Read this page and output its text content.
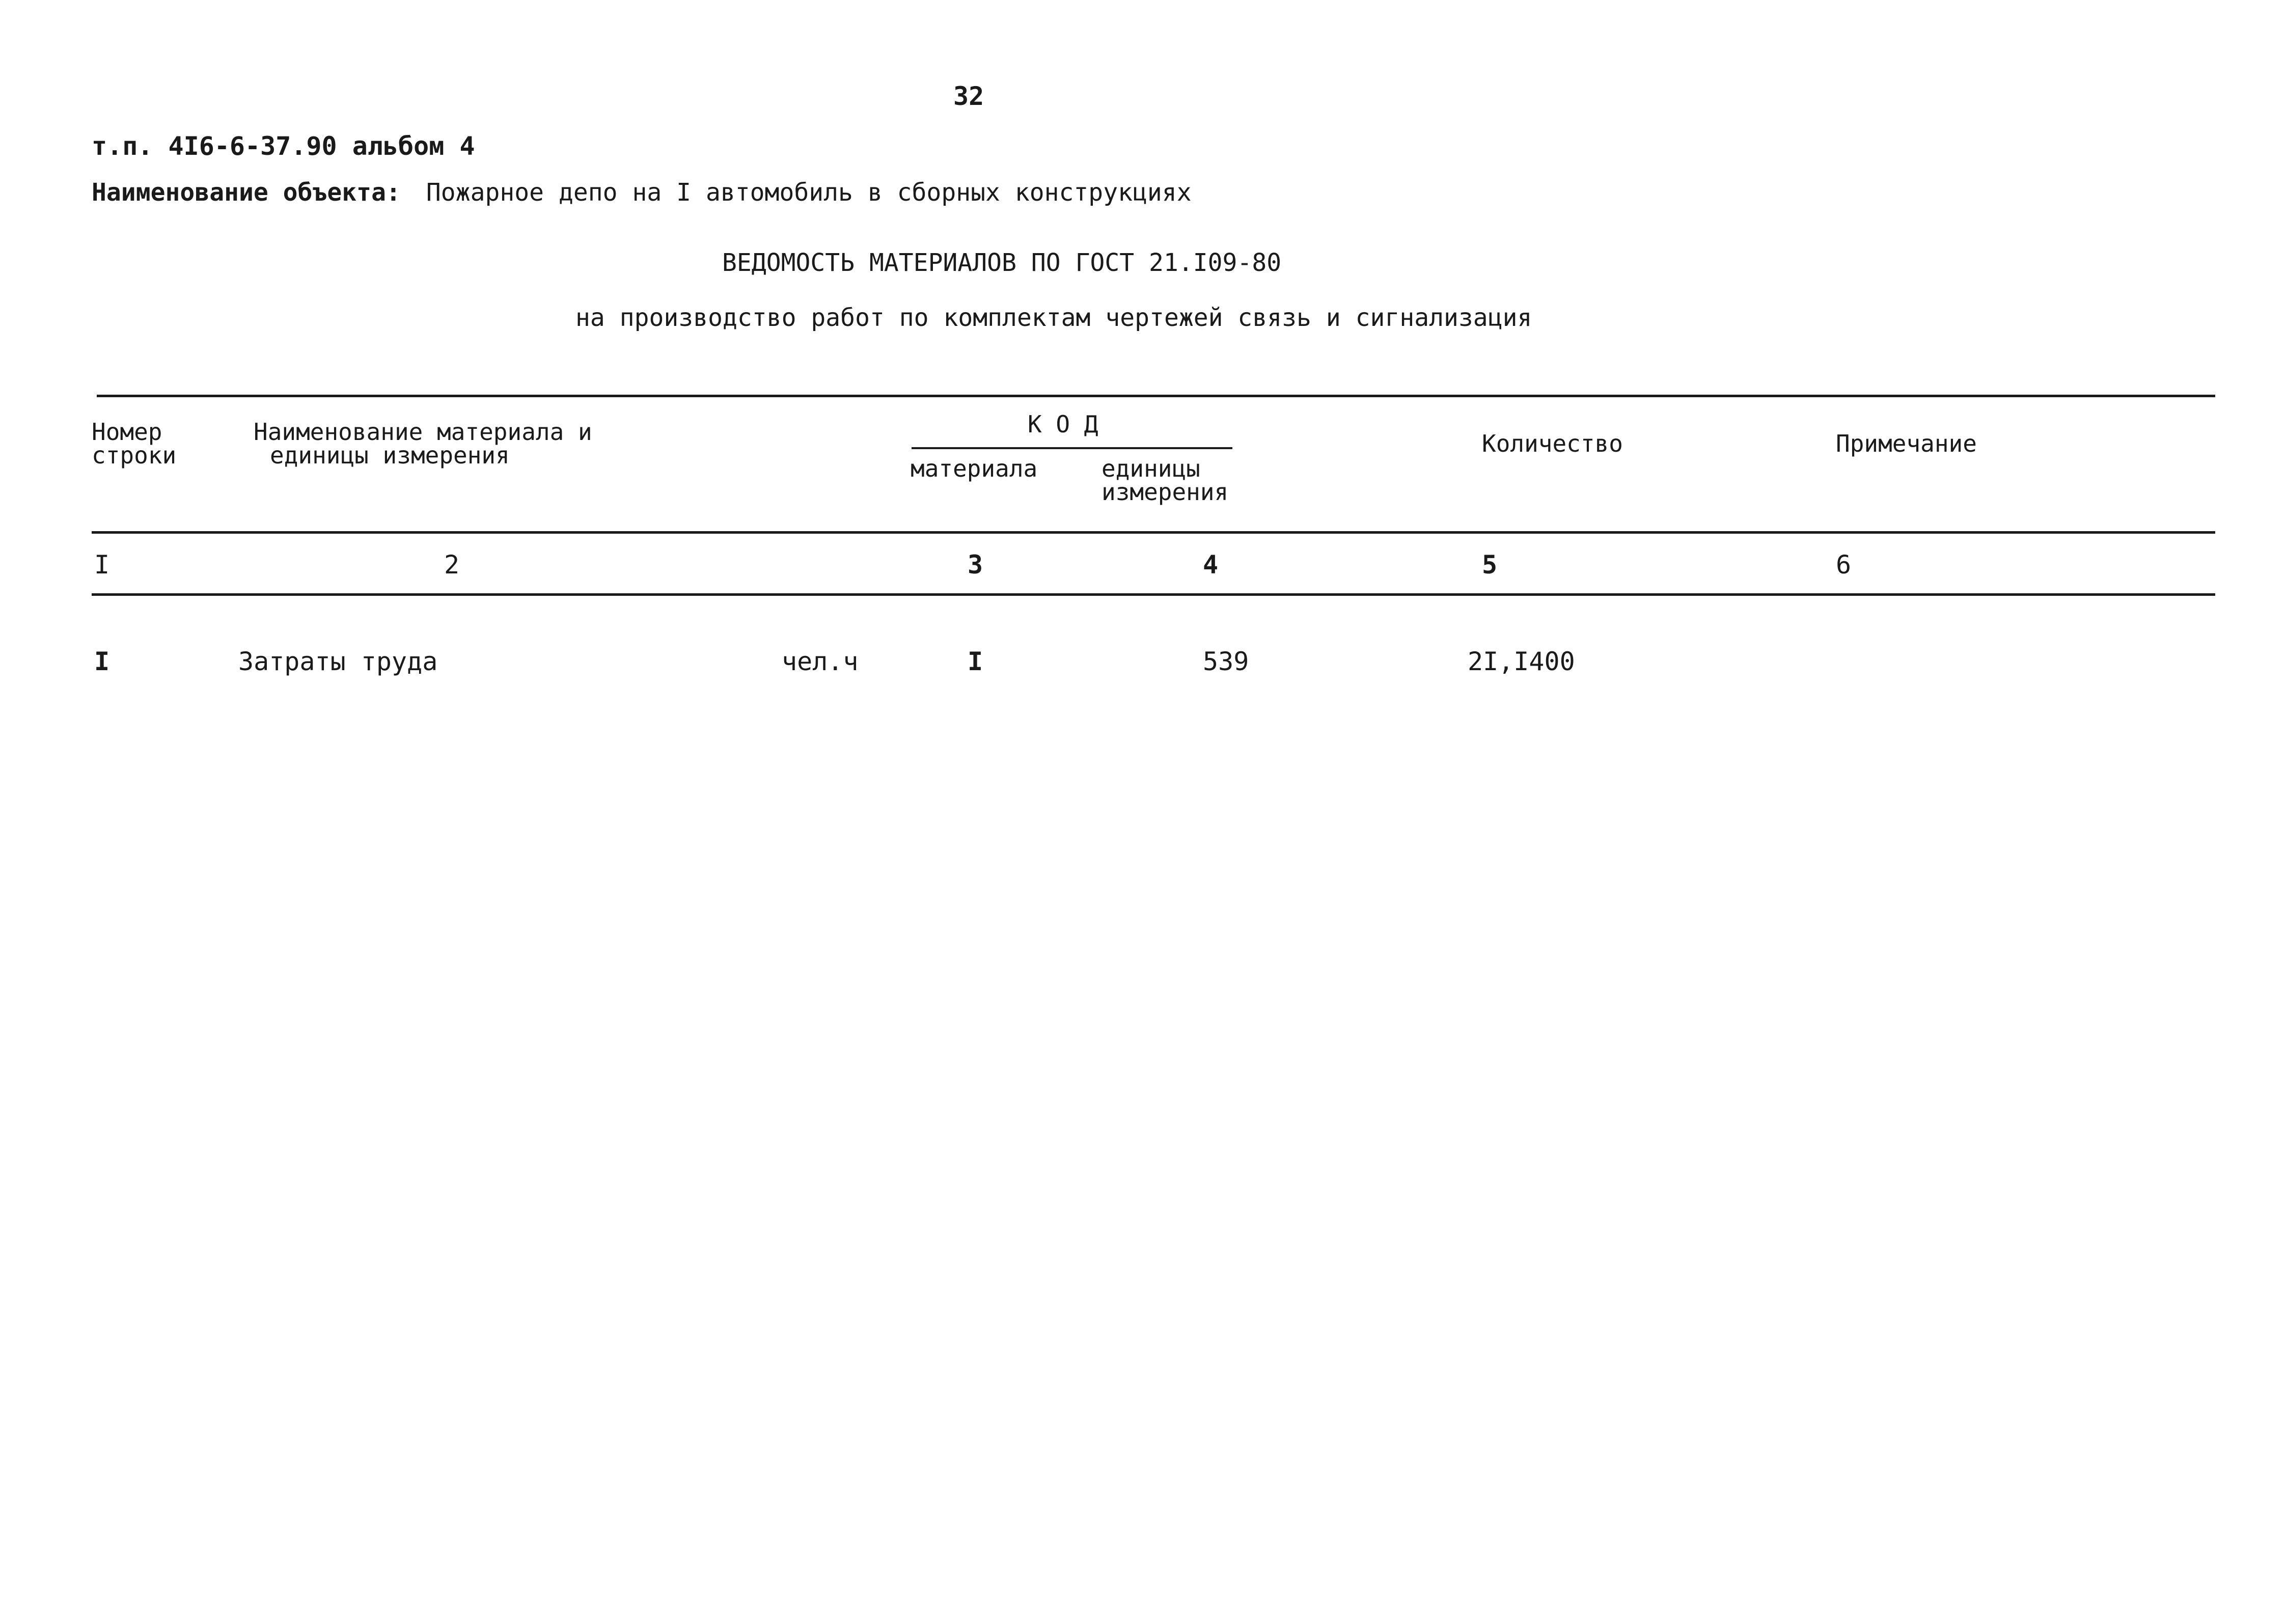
32
т.п. 4I6-6-37.90 альбом 4
Наименование объекта: Пожарное депо на I автомобиль в сборных конструкциях
ВЕДОМОСТЬ МАТЕРИАЛОВ ПО ГОСТ 21.I09-80
на производство работ по комплектам чертежей связь и сигнализация
Номер
строки
Наименование материала и
единицы измерения
К О Д
материала	единицы
измерения
Количество	Примечание
I	2	3	4	5	6
I	Затраты труда	чел.ч	I	539	2I,I400
